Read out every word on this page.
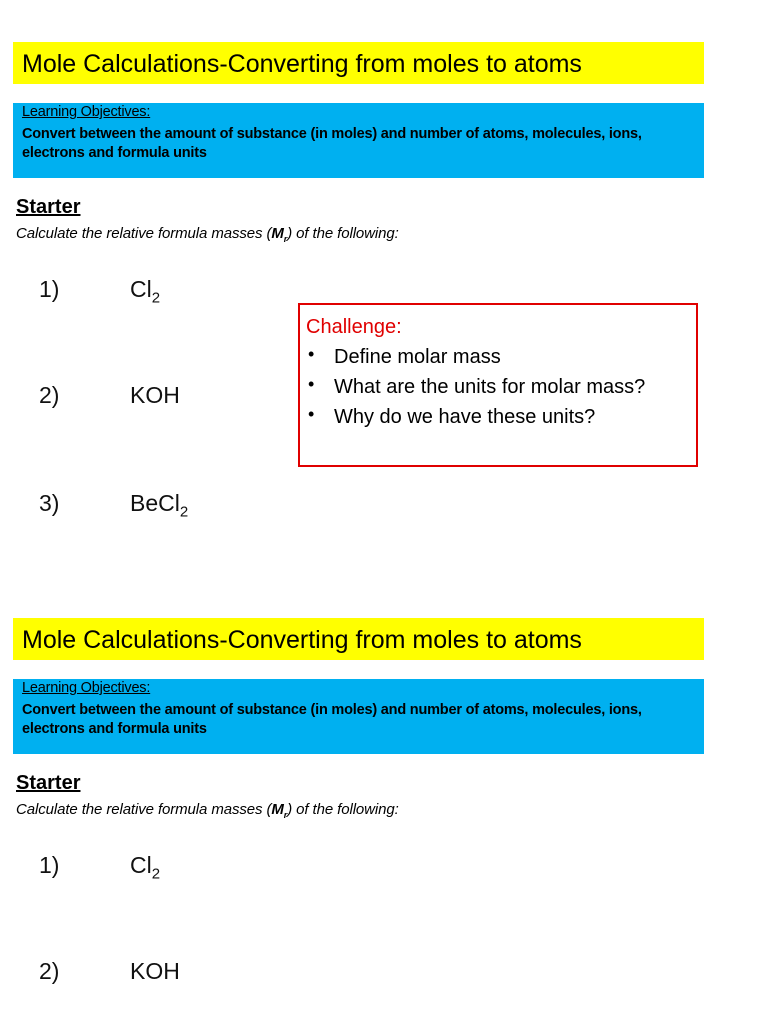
Mole Calculations-Converting from moles to atoms
Learning Objectives:
Convert between the amount of substance (in moles) and number of atoms, molecules, ions, electrons and formula units
Starter
Calculate the relative formula masses $(M_r)$ of the following:
1)	$Cl_2$
2)	KOH
3)	BeCl$_2$
Challenge:
• Define molar mass
• What are the units for molar mass?
• Why do we have these units?
Mole Calculations-Converting from moles to atoms
Learning Objectives:
Convert between the amount of substance (in moles) and number of atoms, molecules, ions, electrons and formula units
Starter
Calculate the relative formula masses $(M_r)$ of the following:
1)	$Cl_2$
2)	KOH
